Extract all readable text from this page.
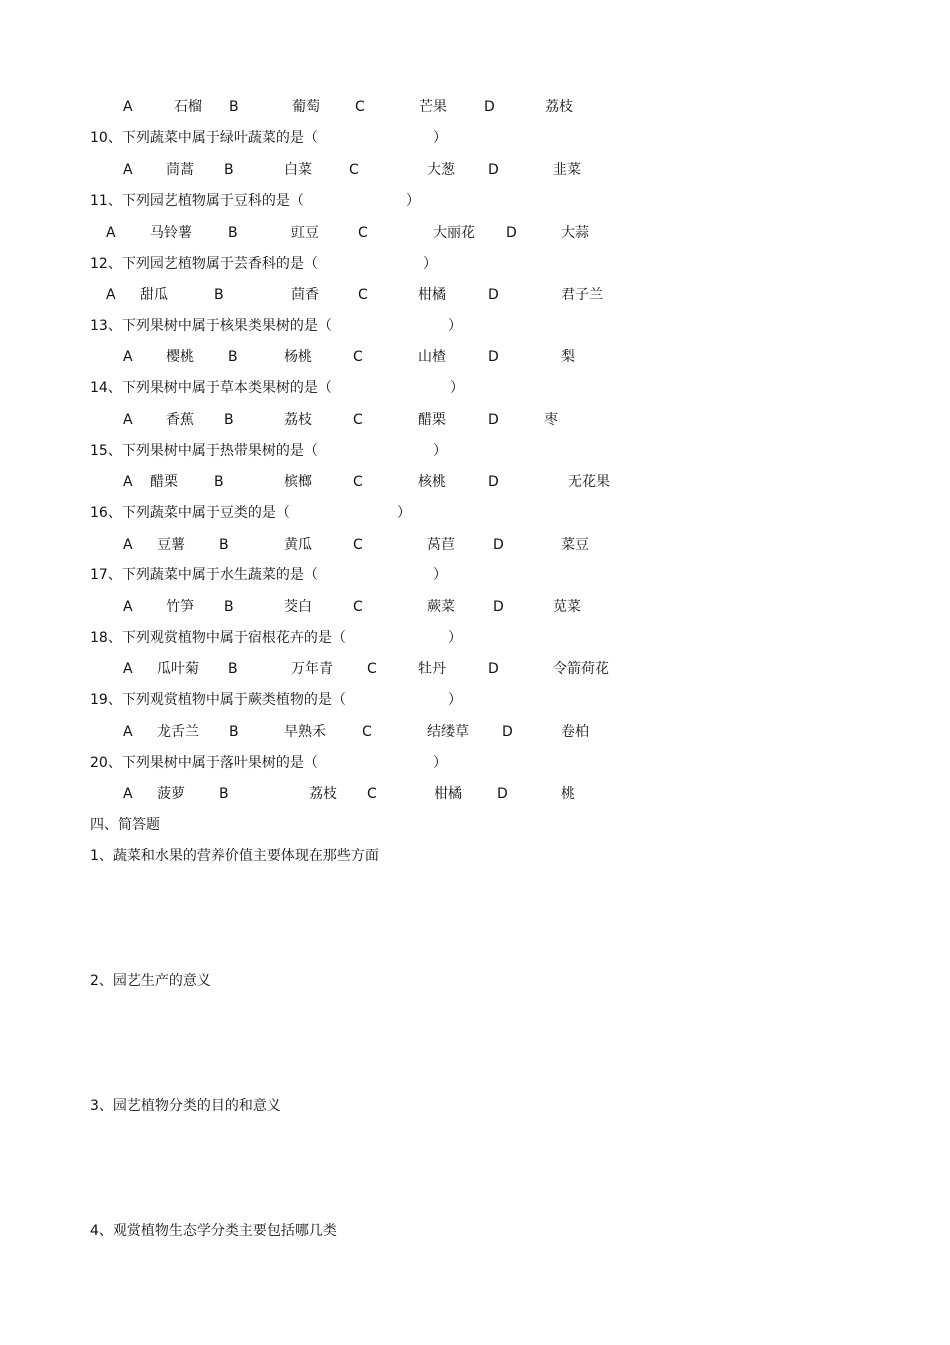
A	石榴 B	葡萄	C	芒果	D	荔枝
10、下列蔬菜中属于绿叶蔬菜的是（	）
A 茼蒿 B	白菜	C	大葱 D	韭菜
11、下列园艺植物属于豆科的是（	）
A 马铃薯	B	豇豆	C	大丽花 D	大蒜
12、下列园艺植物属于芸香科的是（	）
A 甜瓜	B	茴香	C	柑橘	D	君子兰
13、下列果树中属于核果类果树的是（	）
A 樱桃 B	杨桃	C	山楂	D	梨
14、下列果树中属于草本类果树的是（	）
A 香蕉 B	荔枝	C	醋栗	D	枣
15、下列果树中属于热带果树的是（	）
A 醋栗	B	槟榔	C	核桃	D	无花果
16、下列蔬菜中属于豆类的是（	）
A 豆薯 B	黄瓜	C	莴苣	D	菜豆
17、下列蔬菜中属于水生蔬菜的是（	）
A 竹笋 B	茭白	C	蕨菜	D	苋菜
18、下列观赏植物中属于宿根花卉的是（	）
A 瓜叶菊 B	万年青 C	牡丹	D	令箭荷花
19、下列观赏植物中属于蕨类植物的是（	）
A 龙舌兰 B	早熟禾	C	结缕草 D	卷柏
20、下列果树中属于落叶果树的是（	）
A 菠萝 B	荔枝 C	柑橘	D	桃
四、简答题
1、蔬菜和水果的营养价值主要体现在那些方面
2、园艺生产的意义
3、园艺植物分类的目的和意义
4、观赏植物生态学分类主要包括哪几类
